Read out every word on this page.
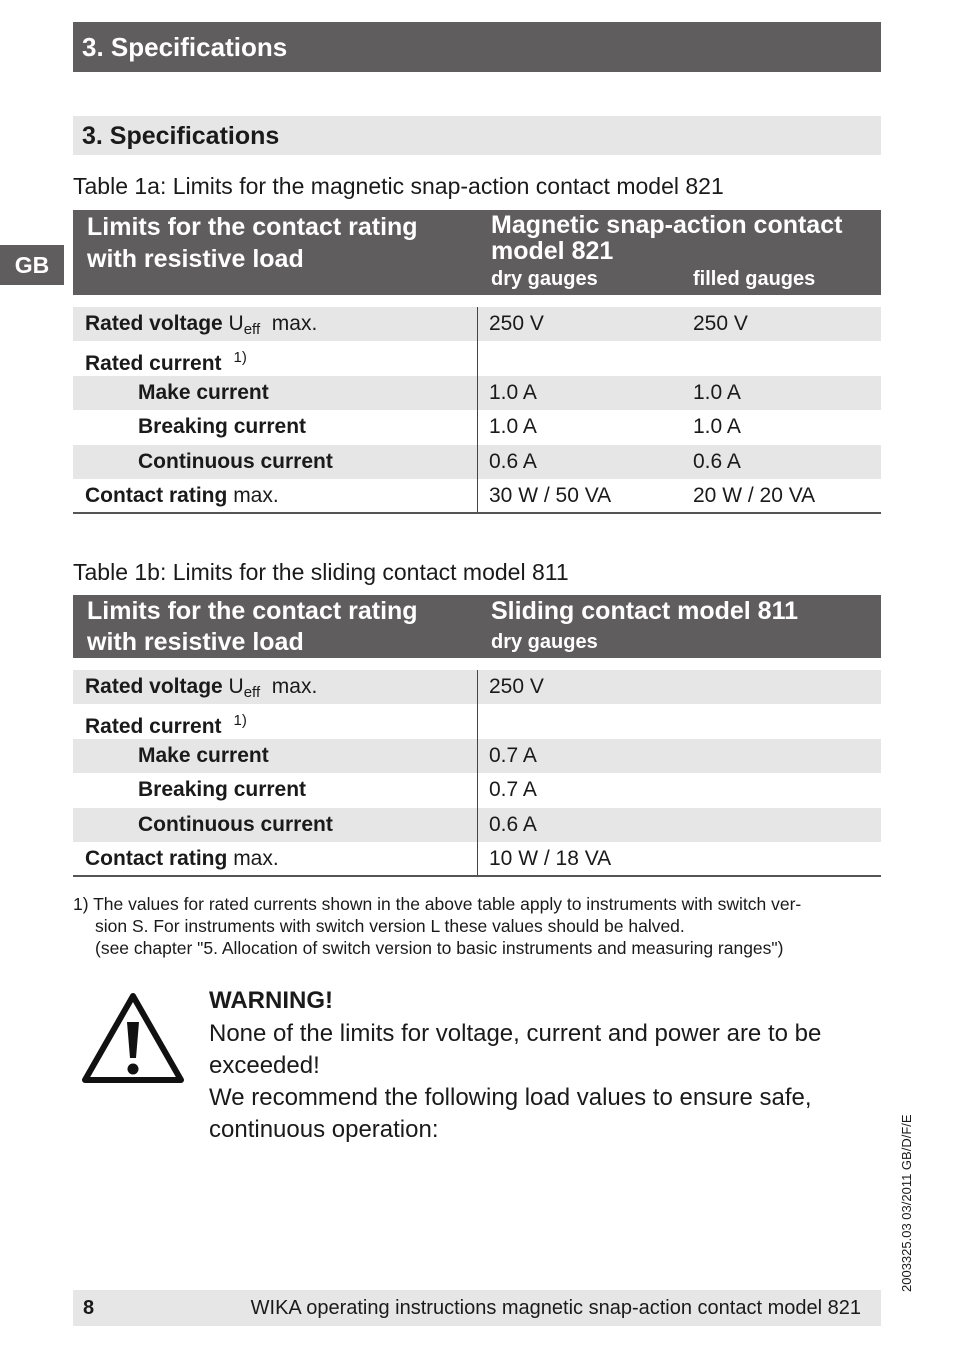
3. Specifications
GB
3. Specifications
Table 1a: Limits for the magnetic snap-action contact model 821
Limits for the contact rating
with resistive load
Magnetic snap-action contact
model 821
dry gauges	filled gauges
Rated voltage $U_{eff}$ max.	250 V	250 V
Rated current $^{1)}$
Make current	1.0 A	1.0 A
Breaking current	1.0 A	1.0 A
Continuous current	0.6 A	0.6 A
Contact rating max.	30 W / 50 VA	20 W / 20 VA
Table 1b: Limits for the sliding contact model 811
Limits for the contact rating
with resistive load
Sliding contact model 811
dry gauges
Rated voltage $U_{eff}$ max.	250 V
Rated current $^{1)}$
Make current	0.7 A
Breaking current	0.7 A
Continuous current	0.6 A
Contact rating max.	10 W / 18 VA
1) The values for rated currents shown in the above table apply to instruments with switch ver-
sion S. For instruments with switch version L these values should be halved.
(see chapter "5. Allocation of switch version to basic instruments and measuring ranges")
WARNING!
None of the limits for voltage, current and power are to be
exceeded!
We recommend the following load values to ensure safe,
continuous operation:	2003325.03 03/2011 GB/D/F/E
8	WIKA operating instructions magnetic snap-action contact model 821
